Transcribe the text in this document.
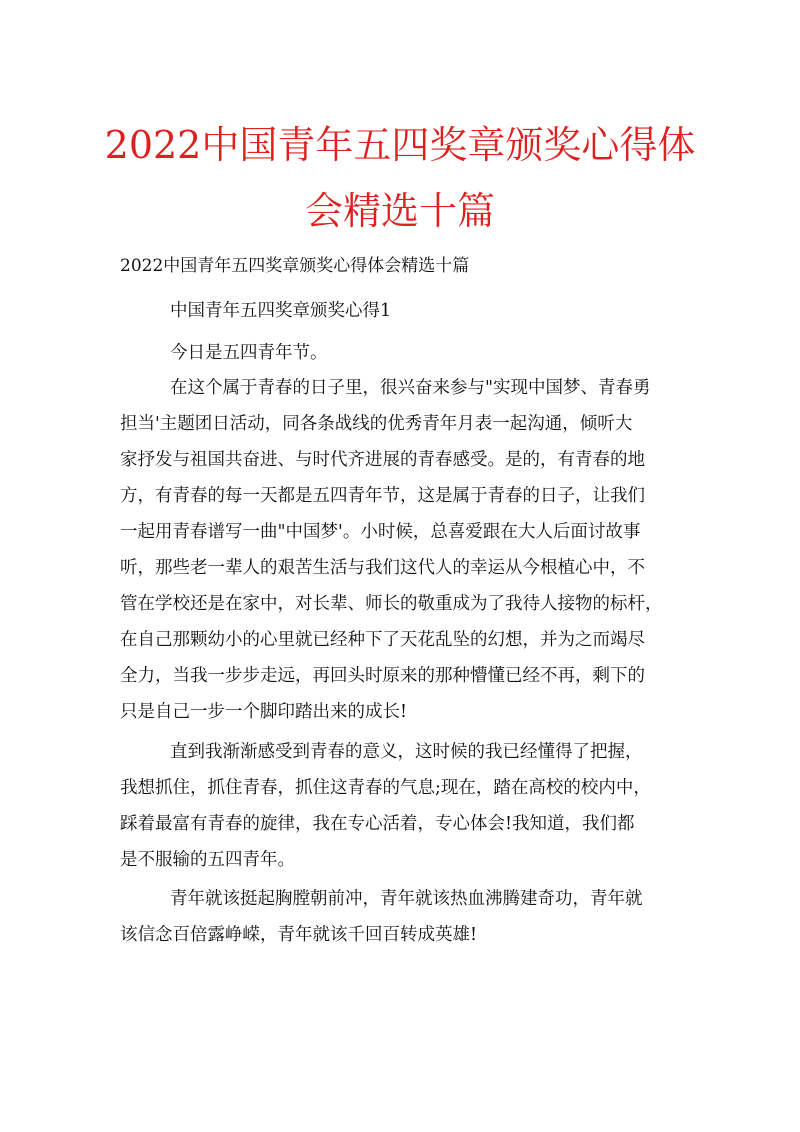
2022中国青年五四奖章颁奖心得体
会精选十篇
2022中国青年五四奖章颁奖心得体会精选十篇
中国青年五四奖章颁奖心得1
今日是五四青年节。
在这个属于青春的日子里，很兴奋来参与"实现中国梦、青春勇
担当'主题团日活动，同各条战线的优秀青年月表一起沟通，倾听大
家抒发与祖国共奋进、与时代齐进展的青春感受。是的，有青春的地
方，有青春的每一天都是五四青年节，这是属于青春的日子，让我们
一起用青春谱写一曲"中国梦'。小时候，总喜爱跟在大人后面讨故事
听，那些老一辈人的艰苦生活与我们这代人的幸运从今根植心中，不
管在学校还是在家中，对长辈、师长的敬重成为了我待人接物的标杆，
在自己那颗幼小的心里就已经种下了天花乱坠的幻想，并为之而竭尽
全力，当我一步步走远，再回头时原来的那种懵懂已经不再，剩下的
只是自己一步一个脚印踏出来的成长!
直到我渐渐感受到青春的意义，这时候的我已经懂得了把握，
我想抓住，抓住青春，抓住这青春的气息;现在，踏在高校的校内中，
踩着最富有青春的旋律，我在专心活着，专心体会!我知道，我们都
是不服输的五四青年。
青年就该挺起胸膛朝前冲，青年就该热血沸腾建奇功，青年就
该信念百倍露峥嵘，青年就该千回百转成英雄!
